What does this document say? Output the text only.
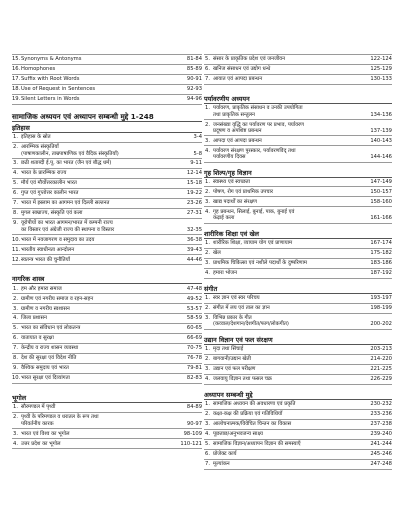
15. Synonyms & Antonyms	81-84
16. Homophones	85-89
17. Suffix with Root Words	90-91
18. Use of Request in Sentences	92-93
19. Silent Letters in Words	94-96
सामाजिक अध्ययन एवं अध्यापन सम्बन्धी मुद्दे 1-248
इतिहास
1. इतिहास के स्रोत	3-4
2. आरम्भिक संस्कृतियाँ
(पाषाणकालीन, ताम्रपाषाणिक एवं वैदिक संस्कृतियाँ)	5-8
3. छठी शताब्दी ई.पू. का भारत (जैन एवं बौद्ध धर्म)	9-11
4. भारत के प्रारम्भिक राज्य	12-14
5. मौर्य एवं मौर्योत्तरकालीन भारत	15-18
6. गुप्त एवं गुप्तोत्तर कालीन भारत	19-22
7. भारत में इस्लाम का आगमन एवं दिल्ली सल्तनत	23-26
8. मुगल साम्राज्य, संस्कृति एवं कला	27-31
9. यूरोपीयों का भारत आगमन/भारत में कम्पनी राज्य
का विस्तार एवं अंग्रेजी राज्य की स्थापना व विस्तार	32-35
10. भारत में नवजागरण व समुदाय का उदय	36-38
11. भारतीय स्वाधीनता आन्दोलन	39-43
12. स्वतन्त्र भारत की चुनौतियाँ	44-46
नागरिक शास्त्र
1. हम और हमारा समाज	47-48
2. ग्रामीण एवं नगरीय समाज व रहन-सहन	49-52
3. ग्रामीण व नगरीय स्वशासन	53-57
4. जिला प्रशासन	58-59
5. भारत का संविधान एवं लोकतन्त्र	60-65
6. यातायात व सुरक्षा	66-69
7. केन्द्रीय व राज्य शासन व्यवस्था	70-75
8. देश की सुरक्षा एवं विदेश नीति	76-78
9. वैश्विक समुदाय एवं भारत	79-81
10. भारत सुरक्षा एवं दिव्यांगता	82-83
भूगोल
1. सौरमण्डल में पृथ्वी	84-89
2. पृथ्वी के परिमण्डल व धरातल के रूप तथा
परिवर्तनीय कारक	90-97
3. भारत एवं विश्व का भूगोल	98-109
4. उत्तर प्रदेश का भूगोल	110-121
5. संसार के प्राकृतिक प्रदेश एवं जनजीवन	122-124
6. खनिज संसाधन एवं उद्योग धन्धे	125-129
7. आयात एवं आपदा प्रबन्धन	130-133
पर्यावरणीय अध्ययन
1. पर्यावरण, प्राकृतिक संसाधन व उनकी उपयोगिता
तथा प्राकृतिक सन्तुलन	134-136
2. जनसंख्या वृद्धि का पर्यावरण पर प्रभाव, पर्यावरण
प्रदूषण व अपशिष्ट प्रबन्धन	137-139
3. आपदा एवं आपदा प्रबन्धन	140-143
4. पर्यावरण संरक्षण पुरस्कार, पर्यावरणविद् तथा
पर्यावरणीय दिवस	144-146
गृह शिल्प/गृह विज्ञान
1. स्वास्थ्य एवं स्वच्छता	147-149
2. पोषण, रोग एवं प्राथमिक उपचार	150-157
3. खाद्य पदार्थों का संरक्षण	158-160
4. गृह प्रबन्धन, सिलाई, बुनाई, पाक, बुनाई एवं
कढ़ाई कला	161-166
शारीरिक शिक्षा एवं खेल
1. शारीरिक शिक्षा, व्यायाम योग एवं प्राणायाम	167-174
2. खेल	175-182
3. प्राथमिक चिकित्सा एवं नशीले पदार्थों के दुष्परिणाम	183-186
4. हमारा भोजन	187-192
संगीत
1. स्वर ज्ञान एवं स्वर परिचय	193-197
2. संगीत में लय एवं ताल का ज्ञान	198-199
3. विभिन्न प्रकार के गीत
(कव्वाल/देशगान/देशगीत/फाग/लोकगीत)	200-202
उद्यान विज्ञान एवं फल संरक्षण
1. मृदा तथा सिंचाई	203-213
2. बागवानी/उद्यान खेती	214-220
3. उद्यान एवं फल परीक्षण	221-225
4. जलवायु विज्ञान तथा फसल चक्र	226-229
अध्यापन सम्बन्धी मुद्दे
1. सामाजिक अध्ययन की अवधारणा एवं प्रकृति	230-232
2. कक्षा-कक्ष की प्रक्रिया एवं गतिविधियाँ	233-236
3. आलोचनात्मक/विवेचित चिन्तन का विकास	237-238
4. पूछताछ/अनुभवजन्य साक्ष्य	239-240
5. सामाजिक विज्ञान/अध्यापन विज्ञान की समस्याएँ	241-244
6. प्रोजेक्ट कार्य	245-246
7. मूल्यांकन	247-248
